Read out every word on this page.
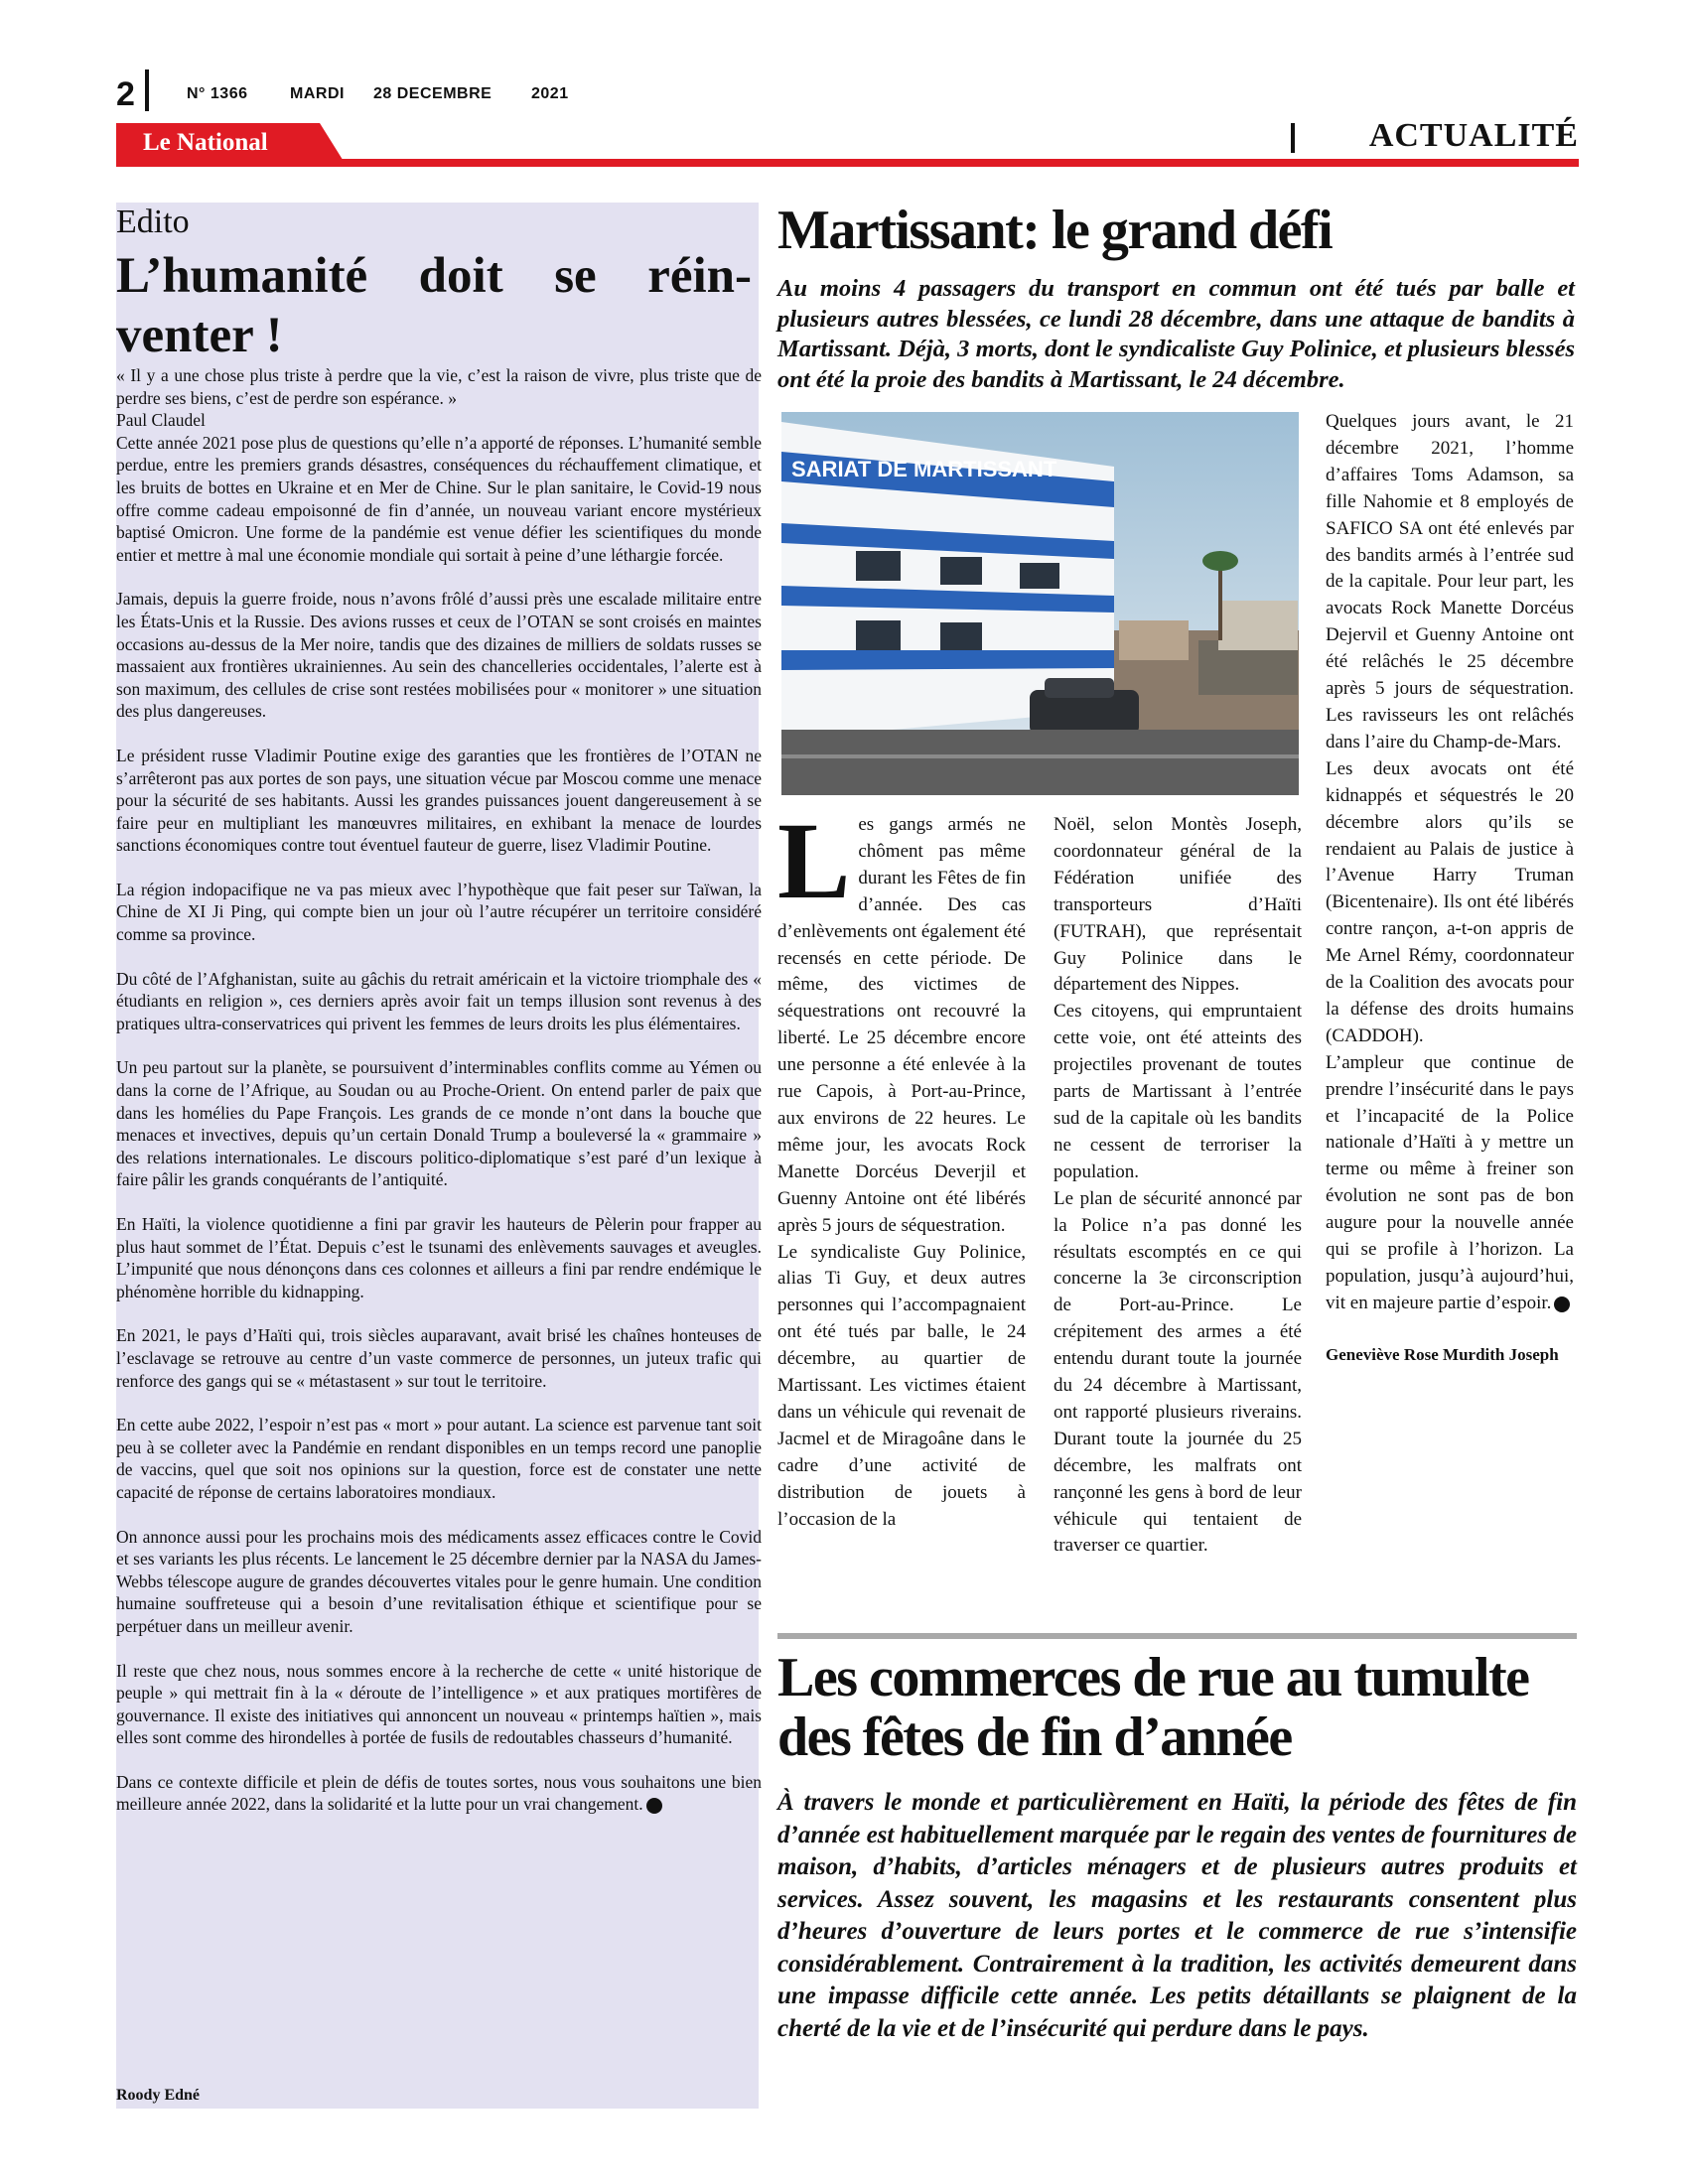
2	N° 1366	MARDI 28 DECEMBRE 2021
Le National	ACTUALITÉ
Edito
L’humanité doit se réinventer !

« Il y a une chose plus triste à perdre que la vie, c’est la raison de vivre, plus triste que de perdre ses biens, c’est de perdre son espérance. »

Paul Claudel

Cette année 2021 pose plus de questions qu’elle n’a apporté de réponses. L’humanité semble perdue, entre les premiers grands désastres, conséquences du réchauffement climatique, et les bruits de bottes en Ukraine et en Mer de Chine. Sur le plan sanitaire, le Covid-19 nous offre comme cadeau empoisonné de fin d’année, un nouveau variant encore mystérieux baptisé Omicron. Une forme de la pandémie est venue défier les scientifiques du monde entier et mettre à mal une économie mondiale qui sortait à peine d’une léthargie forcée.

Jamais, depuis la guerre froide, nous n’avons frôlé d’aussi près une escalade militaire entre les États-Unis et la Russie. Des avions russes et ceux de l’OTAN se sont croisés en maintes occasions au-dessus de la Mer noire, tandis que des dizaines de milliers de soldats russes se massaient aux frontières ukrainiennes. Au sein des chancelleries occidentales, l’alerte est à son maximum, des cellules de crise sont restées mobilisées pour « monitorer » une situation des plus dangereuses.

Le président russe Vladimir Poutine exige des garanties que les frontières de l’OTAN ne s’arrêteront pas aux portes de son pays, une situation vécue par Moscou comme une menace pour la sécurité de ses habitants. Aussi les grandes puissances jouent dangereusement à se faire peur en multipliant les manœuvres militaires, en exhibant la menace de lourdes sanctions économiques contre tout éventuel fauteur de guerre, lisez Vladimir Poutine.

La région indopacifique ne va pas mieux avec l’hypothèque que fait peser sur Taïwan, la Chine de XI Ji Ping, qui compte bien un jour où l’autre récupérer un territoire considéré comme sa province.

Du côté de l’Afghanistan, suite au gâchis du retrait américain et la victoire triomphale des « étudiants en religion », ces derniers après avoir fait un temps illusion sont revenus à des pratiques ultra-conservatrices qui privent les femmes de leurs droits les plus élémentaires.

Un peu partout sur la planète, se poursuivent d’interminables conflits comme au Yémen ou dans la corne de l’Afrique, au Soudan ou au Proche-Orient. On entend parler de paix que dans les homélies du Pape François. Les grands de ce monde n’ont dans la bouche que menaces et invectives, depuis qu’un certain Donald Trump a bouleversé la « grammaire » des relations internationales. Le discours politico-diplomatique s’est paré d’un lexique à faire pâlir les grands conquérants de l’antiquité.

En Haïti, la violence quotidienne a fini par gravir les hauteurs de Pèlerin pour frapper au plus haut sommet de l’État. Depuis c’est le tsunami des enlèvements sauvages et aveugles. L’impunité que nous dénonçons dans ces colonnes et ailleurs a fini par rendre endémique le phénomène horrible du kidnapping.

En 2021, le pays d’Haïti qui, trois siècles auparavant, avait brisé les chaînes honteuses de l’esclavage se retrouve au centre d’un vaste commerce de personnes, un juteux trafic qui renforce des gangs qui se « métastasent » sur tout le territoire.

En cette aube 2022, l’espoir n’est pas « mort » pour autant. La science est parvenue tant soit peu à se colleter avec la Pandémie en rendant disponibles en un temps record une panoplie de vaccins, quel que soit nos opinions sur la question, force est de constater une nette capacité de réponse de certains laboratoires mondiaux.

On annonce aussi pour les prochains mois des médicaments assez efficaces contre le Covid et ses variants les plus récents. Le lancement le 25 décembre dernier par la NASA du James-Webbs télescope augure de grandes découvertes vitales pour le genre humain. Une condition humaine souffreteuse qui a besoin d’une revitalisation éthique et scientifique pour se perpétuer dans un meilleur avenir.

Il reste que chez nous, nous sommes encore à la recherche de cette « unité historique de peuple » qui mettrait fin à la « déroute de l’intelligence » et aux pratiques mortifères de gouvernance. Il existe des initiatives qui annoncent un nouveau « printemps haïtien », mais elles sont comme des hirondelles à portée de fusils de redoutables chasseurs d’humanité.

Dans ce contexte difficile et plein de défis de toutes sortes, nous vous souhaitons une bien meilleure année 2022, dans la solidarité et la lutte pour un vrai changement.

Roody Edné
Martissant: le grand défi
Au moins 4 passagers du transport en commun ont été tués par balle et plusieurs autres blessées, ce lundi 28 décembre, dans une attaque de bandits à Martissant. Déjà, 3 morts, dont le syndicaliste Guy Polinice, et plusieurs blessés ont été la proie des bandits à Martissant, le 24 décembre.
SARIAT DE MARTISSANT
L es gangs armés ne chôment pas même durant les Fêtes de fin d’année. Des cas d’enlèvements ont également été recensés en cette période. De même, des victimes de séquestrations ont recouvré la liberté. Le 25 décembre encore une personne a été enlevée à la rue Capois, à Port-au-Prince, aux environs de 22 heures. Le même jour, les avocats Rock Manette Dorcéus Deverjil et Guenny Antoine ont été libérés après 5 jours de séquestration.

Le syndicaliste Guy Polinice, alias Ti Guy, et deux autres personnes qui l’accompagnaient ont été tués par balle, le 24 décembre, au quartier de Martissant. Les victimes étaient dans un véhicule qui revenait de Jacmel et de Miragoâne dans le cadre d’une activité de distribution de jouets à l’occasion de la

Noël, selon Montès Joseph, coordonnateur général de la Fédération unifiée des transporteurs d’Haïti (FUTRAH), que représentait Guy Polinice dans le département des Nippes.

Ces citoyens, qui empruntaient cette voie, ont été atteints des projectiles provenant de toutes parts de Martissant à l’entrée sud de la capitale où les bandits ne cessent de terroriser la population.

Le plan de sécurité annoncé par la Police n’a pas donné les résultats escomptés en ce qui concerne la 3e circonscription de Port-au-Prince. Le crépitement des armes a été entendu durant toute la journée du 24 décembre à Martissant, ont rapporté plusieurs riverains. Durant toute la journée du 25 décembre, les malfrats ont rançonné les gens à bord de leur véhicule qui tentaient de traverser ce quartier.

Quelques jours avant, le 21 décembre 2021, l’homme d’affaires Toms Adamson, sa fille Nahomie et 8 employés de SAFICO SA ont été enlevés par des bandits armés à l’entrée sud de la capitale. Pour leur part, les avocats Rock Manette Dorcéus Dejervil et Guenny Antoine ont été relâchés le 25 décembre après 5 jours de séquestration. Les ravisseurs les ont relâchés dans l’aire du Champ-de-Mars.

Les deux avocats ont été kidnappés et séquestrés le 20 décembre alors qu’ils se rendaient au Palais de justice à l’Avenue Harry Truman (Bicentenaire). Ils ont été libérés contre rançon, a-t-on appris de Me Arnel Rémy, coordonnateur de la Coalition des avocats pour la défense des droits humains (CADDOH).

L’ampleur que continue de prendre l’insécurité dans le pays et l’incapacité de la Police nationale d’Haïti à y mettre un terme ou même à freiner son évolution ne sont pas de bon augure pour la nouvelle année qui se profile à l’horizon. La population, jusqu’à aujourd’hui, vit en majeure partie d’espoir.

Geneviève Rose Murdith Joseph
Les commerces de rue au tumulte des fêtes de fin d’année
À travers le monde et particulièrement en Haïti, la période des fêtes de fin d’année est habituellement marquée par le regain des ventes de fournitures de maison, d’habits, d’articles ménagers et de plusieurs autres produits et services. Assez souvent, les magasins et les restaurants consentent plus d’heures d’ouverture de leurs portes et le commerce de rue s’intensifie considérablement. Contrairement à la tradition, les activités demeurent dans une impasse difficile cette année. Les petits détaillants se plaignent de la cherté de la vie et de l’insécurité qui perdure dans le pays.
